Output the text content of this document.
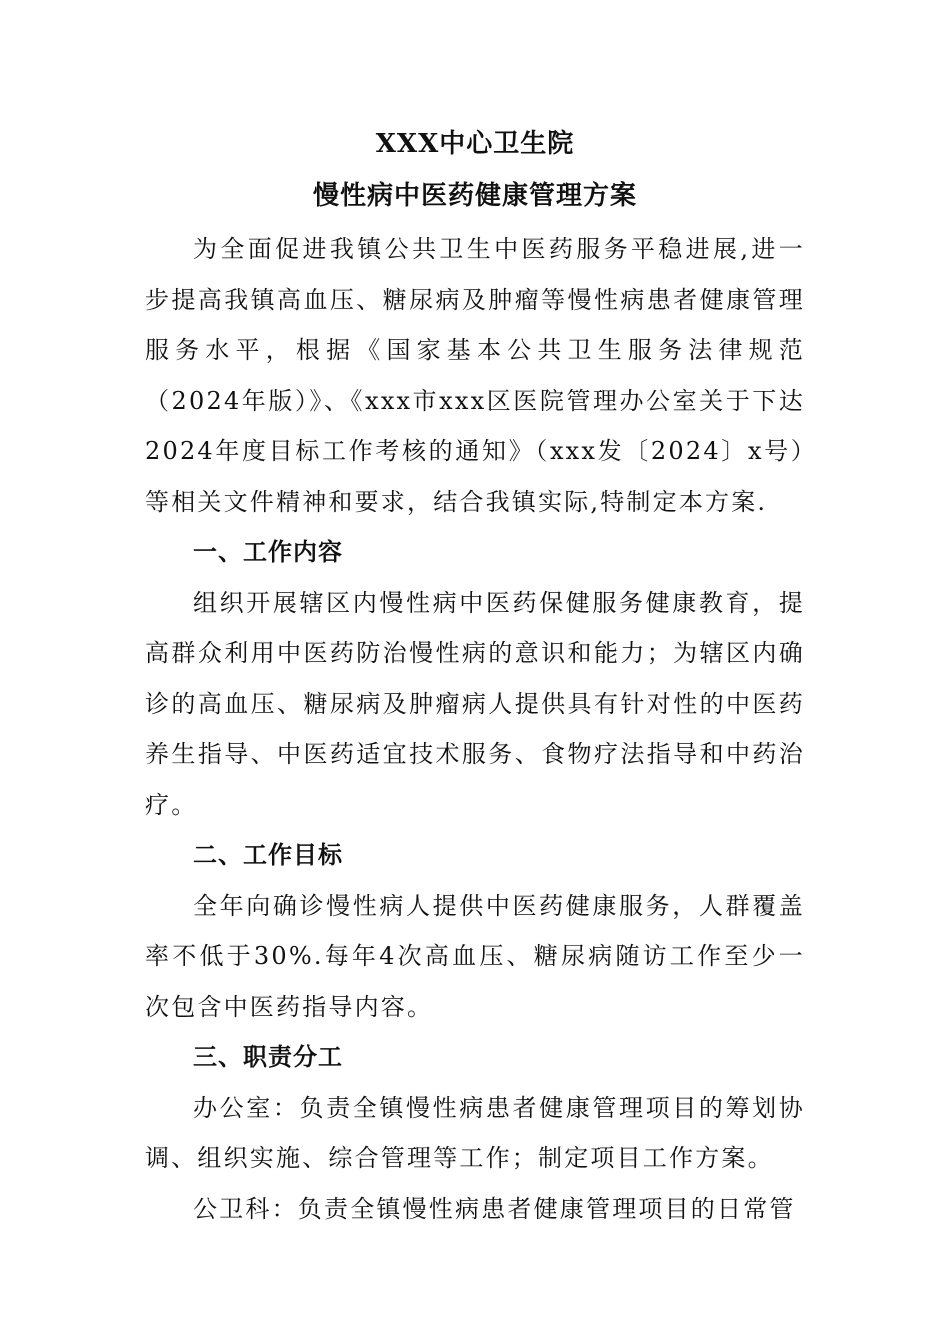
XXX中心卫生院
慢性病中医药健康管理方案

为全面促进我镇公共卫生中医药服务平稳进展,进一步提高我镇高血压、糖尿病及肿瘤等慢性病患者健康管理服务水平，根据《国家基本公共卫生服务法律规范（2024年版）》、《xxx市xxx区医院管理办公室关于下达2024年度目标工作考核的通知》（xxx发〔2024〕x号）等相关文件精神和要求，结合我镇实际,特制定本方案.

一、工作内容

组织开展辖区内慢性病中医药保健服务健康教育，提高群众利用中医药防治慢性病的意识和能力；为辖区内确诊的高血压、糖尿病及肿瘤病人提供具有针对性的中医药养生指导、中医药适宜技术服务、食物疗法指导和中药治疗。

二、工作目标

全年向确诊慢性病人提供中医药健康服务，人群覆盖率不低于30%.每年4次高血压、糖尿病随访工作至少一次包含中医药指导内容。

三、职责分工

办公室：负责全镇慢性病患者健康管理项目的筹划协调、组织实施、综合管理等工作；制定项目工作方案。

公卫科：负责全镇慢性病患者健康管理项目的日常管
